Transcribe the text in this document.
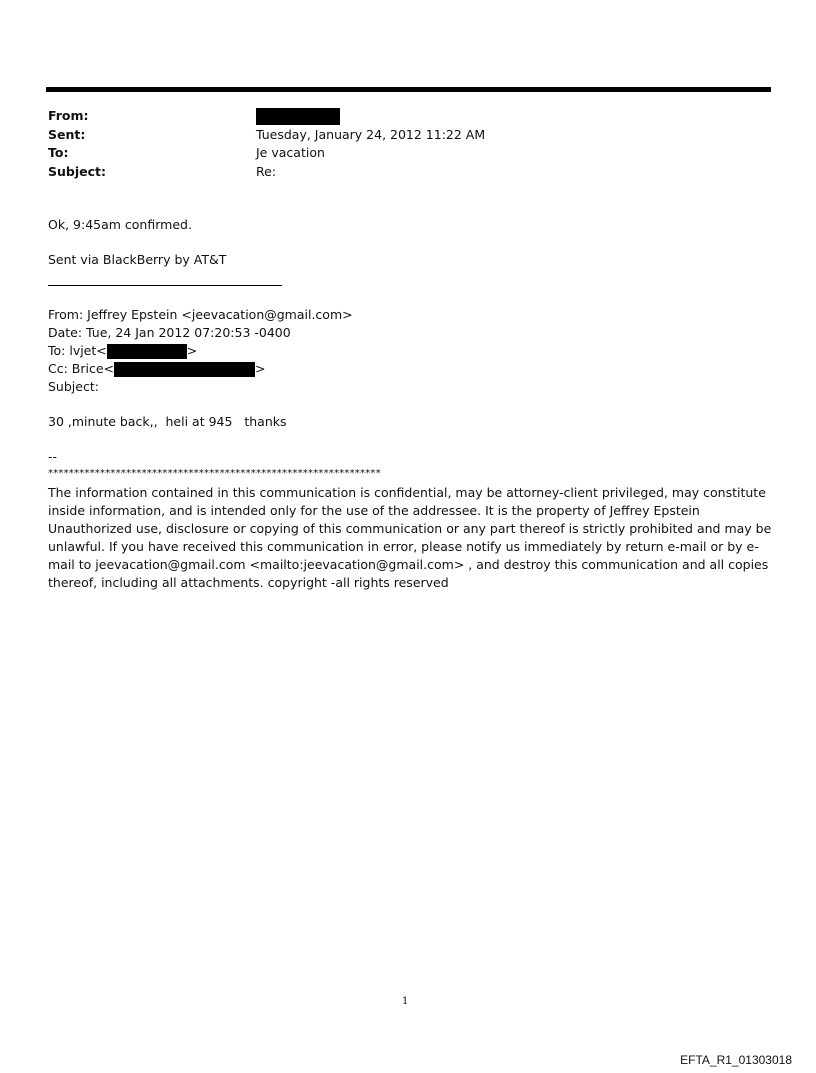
From:
Sent:	Tuesday, January 24, 2012 11:22 AM
To:	Je vacation
Subject:	Re:
Ok, 9:45am confirmed.
Sent via BlackBerry by AT&T
From: Jeffrey Epstein <jeevacation@gmail.com>
Date: Tue, 24 Jan 2012 07:20:53 -0400
To: lvjet<	>
Cc: Brice<	>
Subject:
30 ,minute back,,  heli at 945   thanks
--
****************************************************************
The information contained in this communication is confidential, may be attorney-client privileged, may constitute inside information, and is intended only for the use of the addressee. It is the property of Jeffrey Epstein Unauthorized use, disclosure or copying of this communication or any part thereof is strictly prohibited and may be unlawful. If you have received this communication in error, please notify us immediately by return e-mail or by e-mail to jeevacation@gmail.com <mailto:jeevacation@gmail.com> , and destroy this communication and all copies thereof, including all attachments. copyright -all rights reserved
1
EFTA_R1_01303018
